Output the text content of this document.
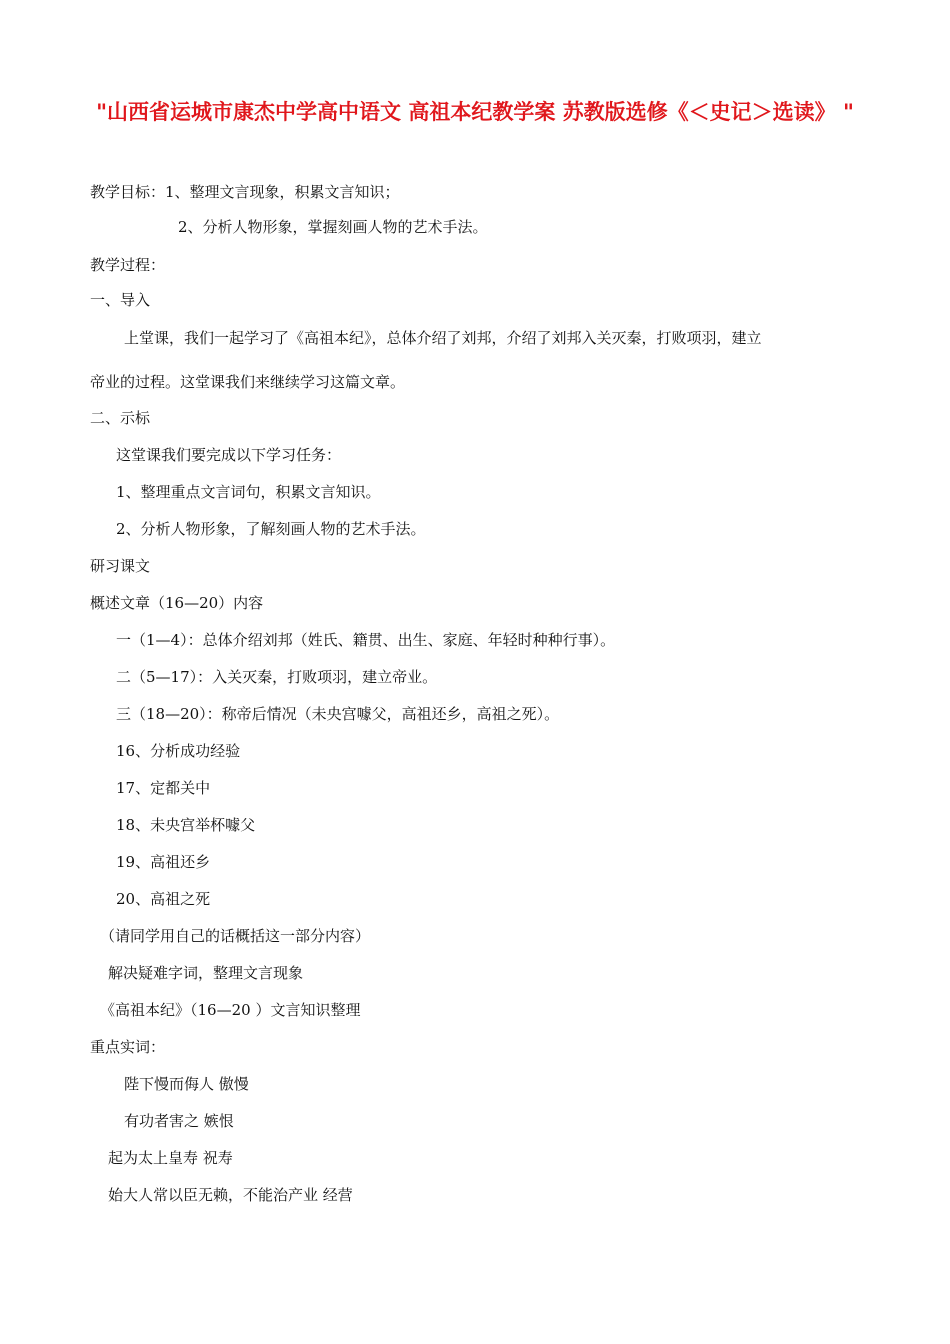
"山西省运城市康杰中学高中语文 高祖本纪教学案 苏教版选修《＜史记＞选读》 "
教学目标：1、整理文言现象，积累文言知识；
2、分析人物形象，掌握刻画人物的艺术手法。
教学过程：
一、导入
上堂课，我们一起学习了《高祖本纪》，总体介绍了刘邦，介绍了刘邦入关灭秦，打败项羽，建立
帝业的过程。这堂课我们来继续学习这篇文章。
二、示标
这堂课我们要完成以下学习任务：
1、整理重点文言词句，积累文言知识。
2、分析人物形象，了解刻画人物的艺术手法。
研习课文
概述文章（16—20）内容
一（1—4）：总体介绍刘邦（姓氏、籍贯、出生、家庭、年轻时种种行事）。
二（5—17）：入关灭秦，打败项羽，建立帝业。
三（18—20）：称帝后情况（未央宫噱父，高祖还乡，高祖之死）。
16、分析成功经验
17、定都关中
18、未央宫举杯噱父
19、高祖还乡
20、高祖之死
（请同学用自己的话概括这一部分内容）
解决疑难字词，整理文言现象
《高祖本纪》（16—20 ）文言知识整理
重点实词：
陛下慢而侮人 傲慢
有功者害之 嫉恨
起为太上皇寿 祝寿
始大人常以臣无赖，不能治产业 经营
